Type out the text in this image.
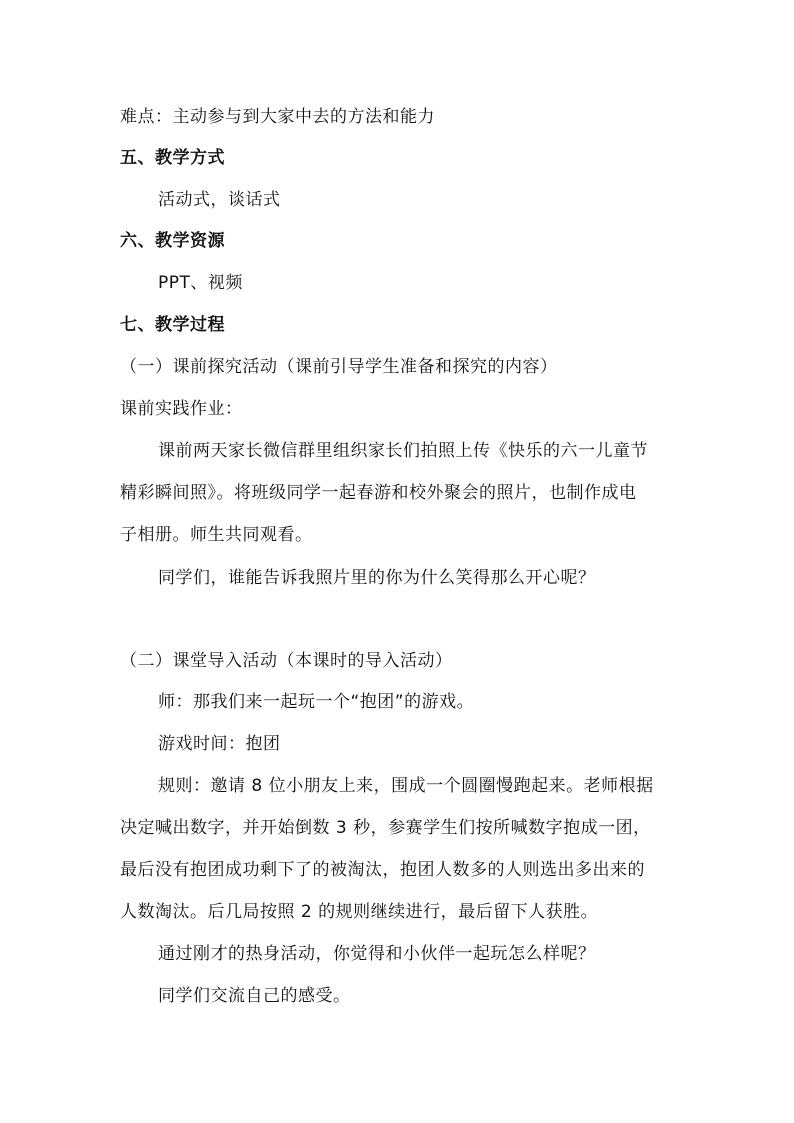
难点：主动参与到大家中去的方法和能力
五、教学方式
活动式，谈话式
六、教学资源
PPT、视频
七、教学过程
（一）课前探究活动（课前引导学生准备和探究的内容）
课前实践作业：
课前两天家长微信群里组织家长们拍照上传《快乐的六一儿童节
精彩瞬间照》。将班级同学一起春游和校外聚会的照片，也制作成电
子相册。师生共同观看。
同学们，谁能告诉我照片里的你为什么笑得那么开心呢？
（二）课堂导入活动（本课时的导入活动）
师：那我们来一起玩一个“抱团”的游戏。
游戏时间：抱团
规则：邀请 8 位小朋友上来，围成一个圆圈慢跑起来。老师根据
决定喊出数字，并开始倒数 3 秒，参赛学生们按所喊数字抱成一团，
最后没有抱团成功剩下了的被淘汰，抱团人数多的人则选出多出来的
人数淘汰。后几局按照 2 的规则继续进行，最后留下人获胜。
通过刚才的热身活动，你觉得和小伙伴一起玩怎么样呢？
同学们交流自己的感受。
